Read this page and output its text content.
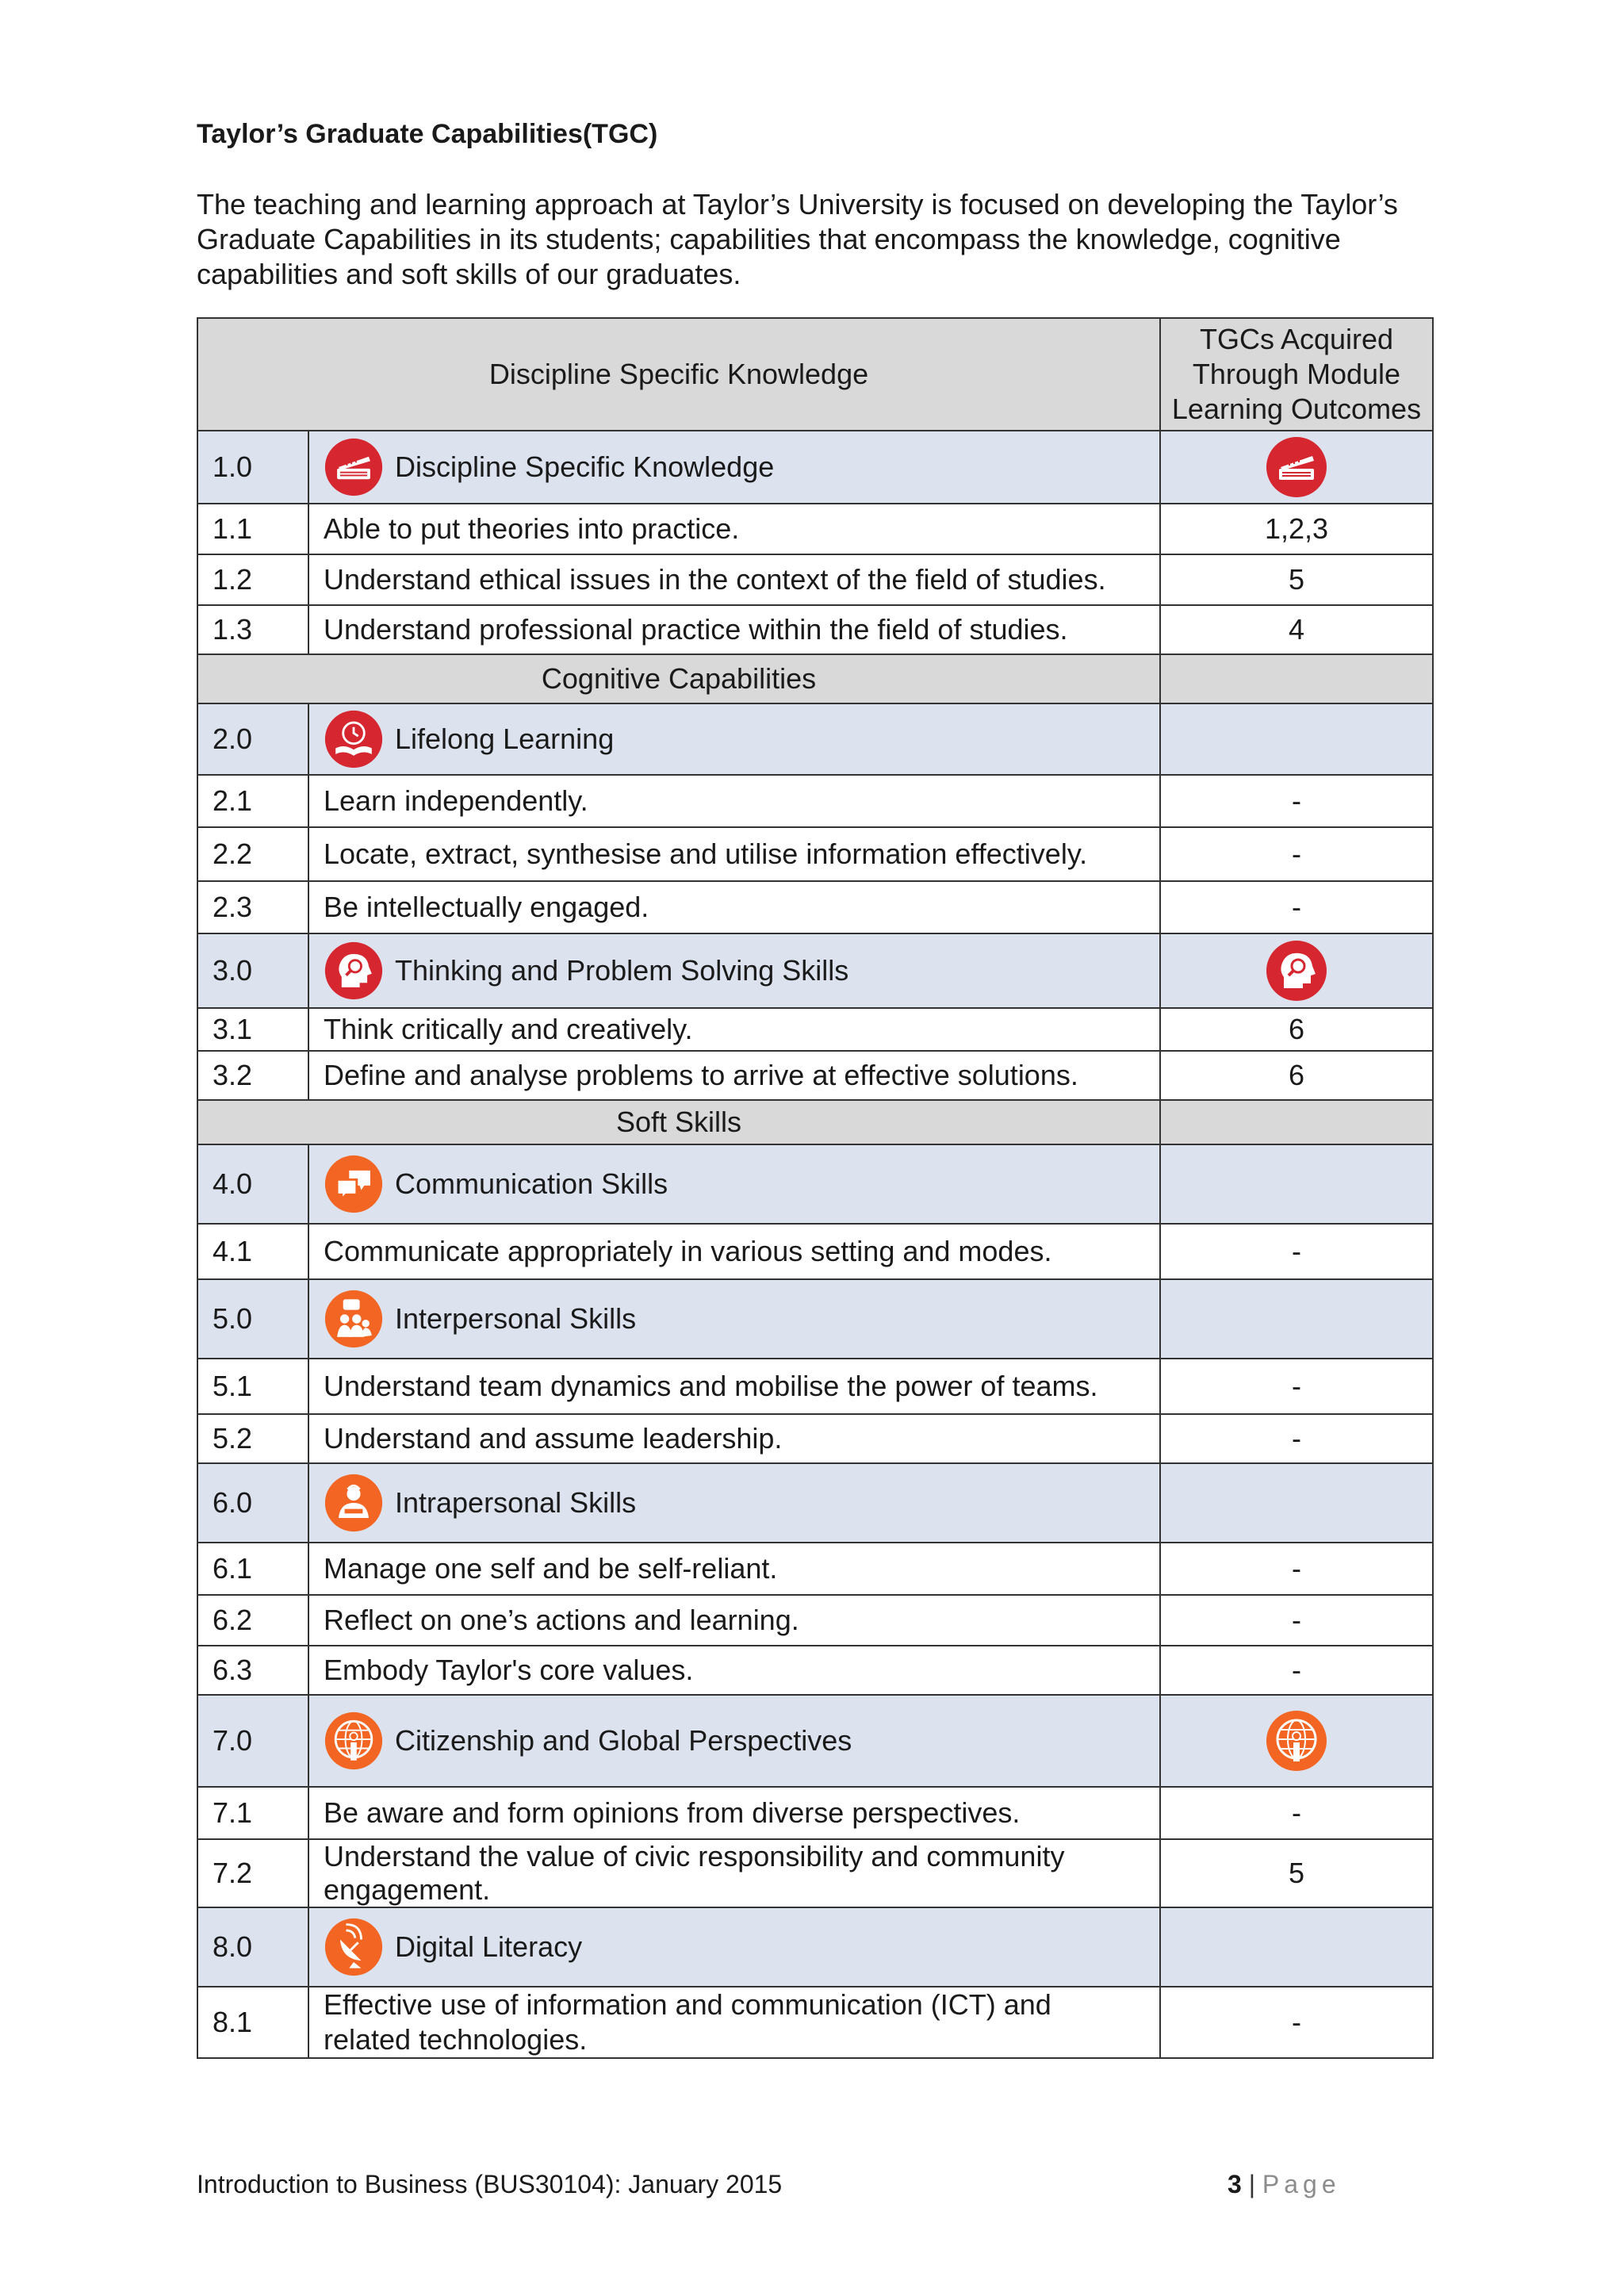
Taylor’s Graduate Capabilities(TGC)

The teaching and learning approach at Taylor’s University is focused on developing the Taylor’s Graduate Capabilities in its students; capabilities that encompass the knowledge, cognitive capabilities and soft skills of our graduates.

Discipline Specific Knowledge		TGCs Acquired
Through Module
Learning Outcomes

1.0	Discipline Specific Knowledge

1.1	Able to put theories into practice.	1,2,3
1.2	Understand ethical issues in the context of the field of studies.	5
1.3	Understand professional practice within the field of studies.	4
Cognitive Capabilities		
2.0	Lifelong Learning	

2.1	Learn independently.	-
2.2	Locate, extract, synthesise and utilise information effectively.	-
2.3	Be intellectually engaged.	-
3.0	Thinking and Problem Solving Skills

3.1	Think critically and creatively.	6
3.2	Define and analyse problems to arrive at effective solutions.	6
Soft Skills		
4.0	Communication Skills	

4.1	Communicate appropriately in various setting and modes.	-
5.0	Interpersonal Skills	

5.1	Understand team dynamics and mobilise the power of teams.	-
5.2	Understand and assume leadership.	-
6.0	Intrapersonal Skills	

6.1	Manage one self and be self-reliant.	-
6.2	Reflect on one’s actions and learning.	-
6.3	Embody Taylor's core values.	-
7.0	Citizenship and Global Perspectives

7.1	Be aware and form opinions from diverse perspectives.	-
7.2	Understand the value of civic responsibility and community engagement.	5
8.0	Digital Literacy	

8.1	Effective use of information and communication (ICT) and related technologies.	-
Introduction to Business (BUS30104): January 2015	3 | Page
